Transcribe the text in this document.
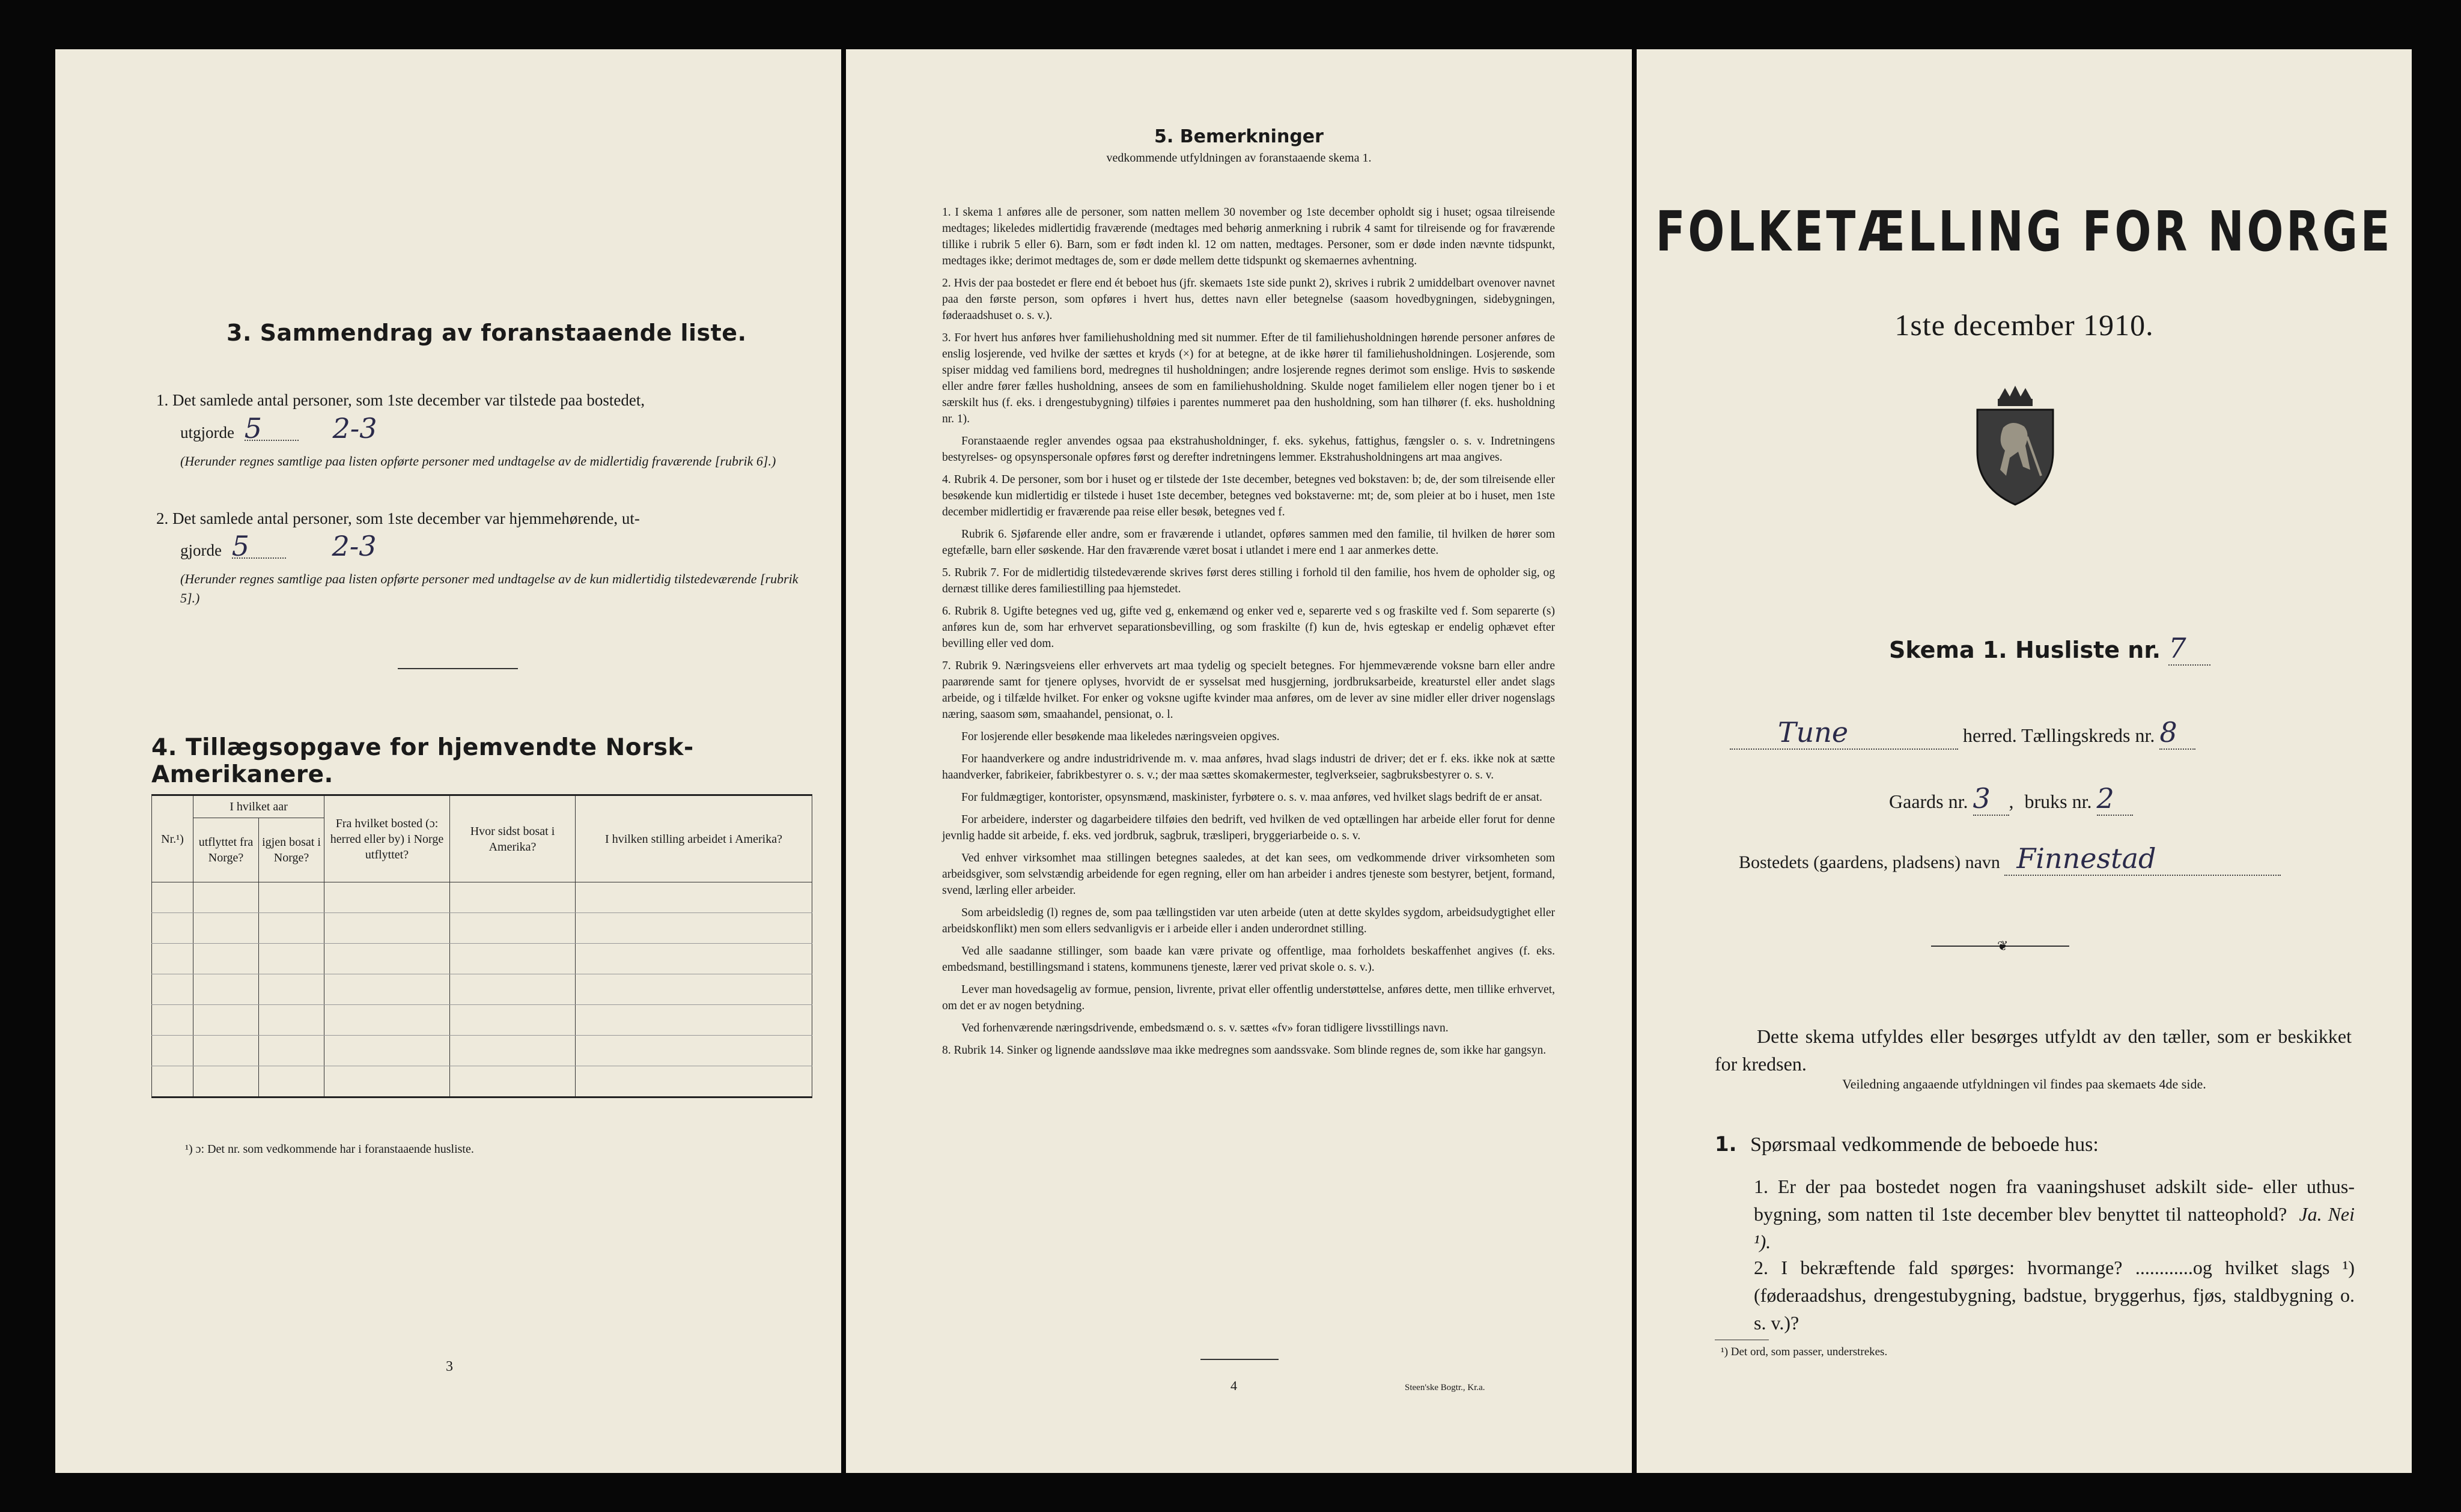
3. Sammendrag av foranstaaende liste.
1. Det samlede antal personer, som 1ste december var tilstede paa bostedet,
utgjorde 5	2-3
(Herunder regnes samtlige paa listen opførte personer med undtagelse av de midlertidig fraværende [rubrik 6].)
2. Det samlede antal personer, som 1ste december var hjemmehørende, ut-
gjorde 5	2-3
(Herunder regnes samtlige paa listen opførte personer med undtagelse av de kun midlertidig tilstedeværende [rubrik 5].)
4. Tillægsopgave for hjemvendte Norsk-Amerikanere.
Nr.¹)	I hvilket aar		Fra hvilket bosted (ɔ: herred eller by) i Norge utflyttet?	Hvor sidst bosat i Amerika?	I hvilken stilling arbeidet i Amerika?
	utflyttet fra Norge?	igjen bosat i Norge?			

¹) ɔ: Det nr. som vedkommende har i foranstaaende husliste.
3
5. Bemerkninger
vedkommende utfyldningen av foranstaaende skema 1.

1. I skema 1 anføres alle de personer, som natten mellem 30 november og 1ste december opholdt sig i huset; ogsaa tilreisende medtages; likeledes midlertidig fraværende (medtages med behørig anmerkning i rubrik 4 samt for tilreisende og for fraværende tillike i rubrik 5 eller 6). Barn, som er født inden kl. 12 om natten, medtages. Personer, som er døde inden nævnte tidspunkt, medtages ikke; derimot medtages de, som er døde mellem dette tidspunkt og skemaernes avhentning.

2. Hvis der paa bostedet er flere end ét beboet hus (jfr. skemaets 1ste side punkt 2), skrives i rubrik 2 umiddelbart ovenover navnet paa den første person, som opføres i hvert hus, dettes navn eller betegnelse (saasom hovedbygningen, sidebygningen, føderaadshuset o. s. v.).

3. For hvert hus anføres hver familiehusholdning med sit nummer. Efter de til familiehusholdningen hørende personer anføres de enslig losjerende, ved hvilke der sættes et kryds (×) for at betegne, at de ikke hører til familiehusholdningen. Losjerende, som spiser middag ved familiens bord, medregnes til husholdningen; andre losjerende regnes derimot som enslige. Hvis to søskende eller andre fører fælles husholdning, ansees de som en familiehusholdning. Skulde noget familielem eller nogen tjener bo i et særskilt hus (f. eks. i drengestubygning) tilføies i parentes nummeret paa den husholdning, som han tilhører (f. eks. husholdning nr. 1).

Foranstaaende regler anvendes ogsaa paa ekstrahusholdninger, f. eks. sykehus, fattighus, fængsler o. s. v. Indretningens bestyrelses- og opsynspersonale opføres først og derefter indretningens lemmer. Ekstrahusholdningens art maa angives.

4. Rubrik 4. De personer, som bor i huset og er tilstede der 1ste december, betegnes ved bokstaven: b; de, der som tilreisende eller besøkende kun midlertidig er tilstede i huset 1ste december, betegnes ved bokstaverne: mt; de, som pleier at bo i huset, men 1ste december midlertidig er fraværende paa reise eller besøk, betegnes ved f.

Rubrik 6. Sjøfarende eller andre, som er fraværende i utlandet, opføres sammen med den familie, til hvilken de hører som egtefælle, barn eller søskende. Har den fraværende været bosat i utlandet i mere end 1 aar anmerkes dette.

5. Rubrik 7. For de midlertidig tilstedeværende skrives først deres stilling i forhold til den familie, hos hvem de opholder sig, og dernæst tillike deres familiestilling paa hjemstedet.

6. Rubrik 8. Ugifte betegnes ved ug, gifte ved g, enkemænd og enker ved e, separerte ved s og fraskilte ved f. Som separerte (s) anføres kun de, som har erhvervet separationsbevilling, og som fraskilte (f) kun de, hvis egteskap er endelig ophævet efter bevilling eller ved dom.

7. Rubrik 9. Næringsveiens eller erhvervets art maa tydelig og specielt betegnes. For hjemmeværende voksne barn eller andre paarørende samt for tjenere oplyses, hvorvidt de er sysselsat med husgjerning, jordbruksarbeide, kreaturstel eller andet slags arbeide, og i tilfælde hvilket. For enker og voksne ugifte kvinder maa anføres, om de lever av sine midler eller driver nogenslags næring, saasom søm, smaahandel, pensionat, o. l.

For losjerende eller besøkende maa likeledes næringsveien opgives.

For haandverkere og andre industridrivende m. v. maa anføres, hvad slags industri de driver; det er f. eks. ikke nok at sætte haandverker, fabrikeier, fabrikbestyrer o. s. v.; der maa sættes skomakermester, teglverkseier, sagbruksbestyrer o. s. v.

For fuldmægtiger, kontorister, opsynsmænd, maskinister, fyrbøtere o. s. v. maa anføres, ved hvilket slags bedrift de er ansat.

For arbeidere, inderster og dagarbeidere tilføies den bedrift, ved hvilken de ved optællingen har arbeide eller forut for denne jevnlig hadde sit arbeide, f. eks. ved jordbruk, sagbruk, træsliperi, bryggeriarbeide o. s. v.

Ved enhver virksomhet maa stillingen betegnes saaledes, at det kan sees, om vedkommende driver virksomheten som arbeidsgiver, som selvstændig arbeidende for egen regning, eller om han arbeider i andres tjeneste som bestyrer, betjent, formand, svend, lærling eller arbeider.

Som arbeidsledig (l) regnes de, som paa tællingstiden var uten arbeide (uten at dette skyldes sygdom, arbeidsudygtighet eller arbeidskonflikt) men som ellers sedvanligvis er i arbeide eller i anden underordnet stilling.

Ved alle saadanne stillinger, som baade kan være private og offentlige, maa forholdets beskaffenhet angives (f. eks. embedsmand, bestillingsmand i statens, kommunens tjeneste, lærer ved privat skole o. s. v.).

Lever man hovedsagelig av formue, pension, livrente, privat eller offentlig understøttelse, anføres dette, men tillike erhvervet, om det er av nogen betydning.

Ved forhenværende næringsdrivende, embedsmænd o. s. v. sættes «fv» foran tidligere livsstillings navn.

8. Rubrik 14. Sinker og lignende aandssløve maa ikke medregnes som aandssvake. Som blinde regnes de, som ikke har gangsyn.

4	Steen'ske Bogtr., Kr.a.
FOLKETÆLLING FOR NORGE
1ste december 1910.
Skema 1. Husliste nr. 7
Tune	herred. Tællingskreds nr. 8
Gaards nr. 3 , bruks nr. 2
Bostedets (gaardens, pladsens) navn Finnestad
❦
Dette skema utfyldes eller besørges utfyldt av den tæller, som er beskikket for kredsen.
Veiledning angaaende utfyldningen vil findes paa skemaets 4de side.
1. Spørsmaal vedkommende de beboede hus:
1. Er der paa bostedet nogen fra vaaningshuset adskilt side- eller uthus-bygning, som natten til 1ste december blev benyttet til natteophold? Ja. Nei ¹).
2. I bekræftende fald spørges: hvormange? ............og hvilket slags ¹) (føderaadshus, drengestubygning, badstue, bryggerhus, fjøs, staldbygning o. s. v.)?
¹) Det ord, som passer, understrekes.
